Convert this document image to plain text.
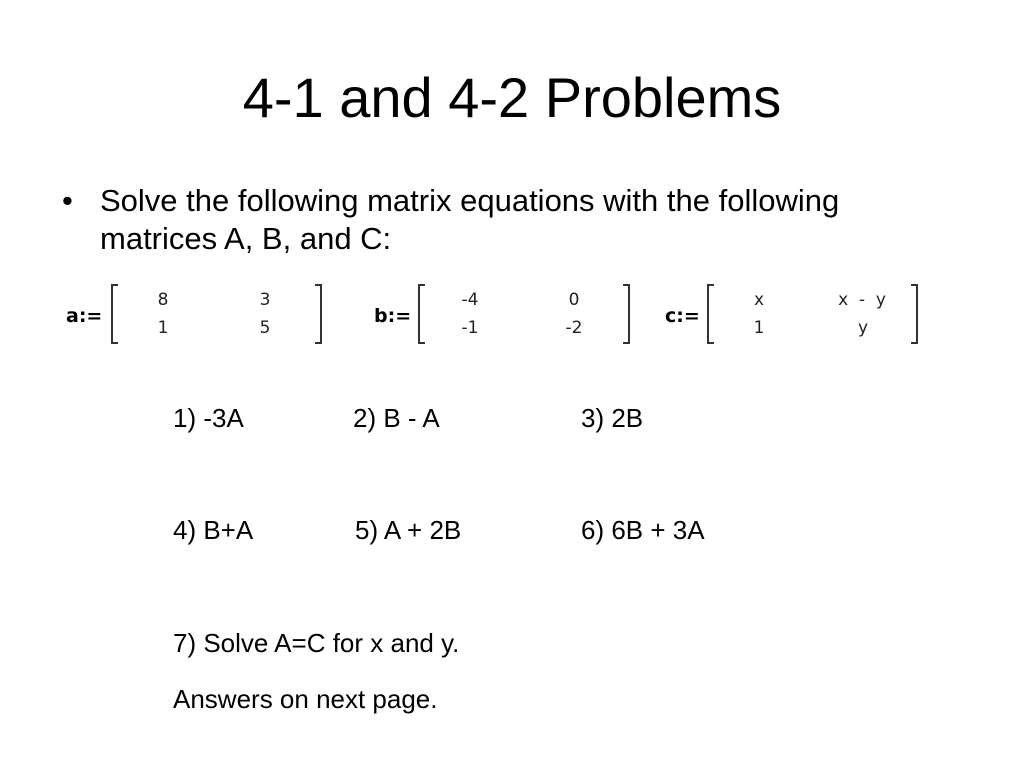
4-1 and 4-2 Problems
• Solve the following matrix equations with the following matrices A, B, and C:
a:=
8	3
1	5
b:=
-4	0
-1	-2
c:=
x	x  -  y
1	y
1) -3A	2) B - A	3) 2B
4) B+A	5) A + 2B	6) 6B + 3A
7) Solve A=C for x and y.
Answers on next page.
